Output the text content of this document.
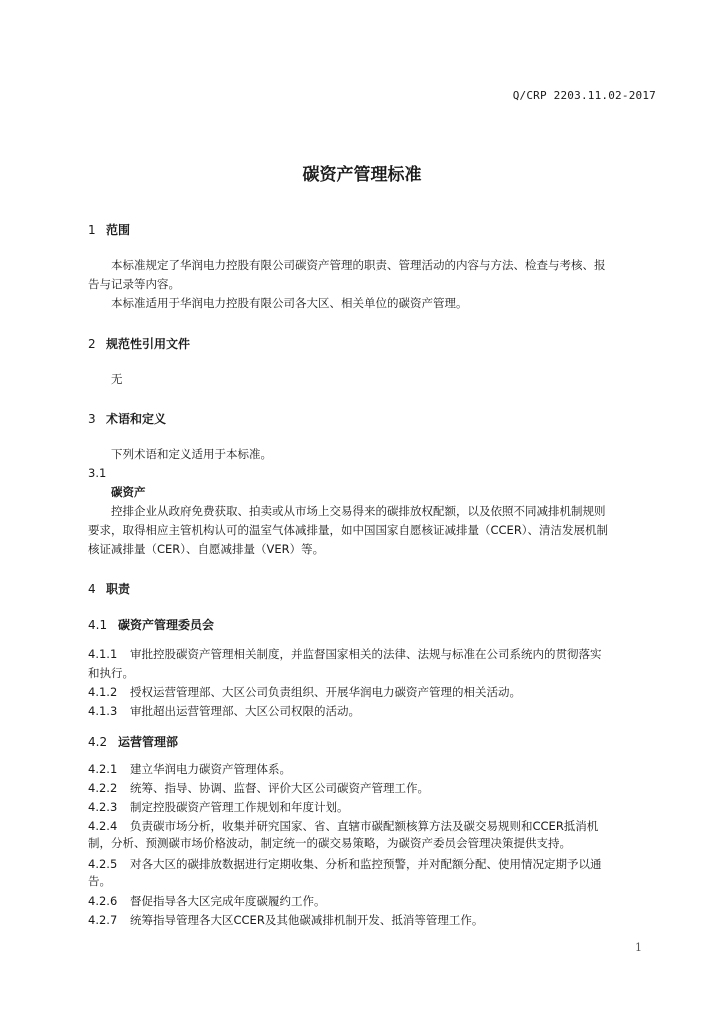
Q/CRP 2203.11.02-2017
碳资产管理标准
1 范围
本标准规定了华润电力控股有限公司碳资产管理的职责、管理活动的内容与方法、检查与考核、报
告与记录等内容。
本标准适用于华润电力控股有限公司各大区、相关单位的碳资产管理。
2 规范性引用文件
无
3 术语和定义
下列术语和定义适用于本标准。
3.1
碳资产
控排企业从政府免费获取、拍卖或从市场上交易得来的碳排放权配额，以及依照不同减排机制规则
要求，取得相应主管机构认可的温室气体减排量，如中国国家自愿核证减排量（CCER）、清洁发展机制
核证减排量（CER）、自愿减排量（VER）等。
4 职责
4.1 碳资产管理委员会
4.1.1 审批控股碳资产管理相关制度，并监督国家相关的法律、法规与标准在公司系统内的贯彻落实
和执行。
4.1.2 授权运营管理部、大区公司负责组织、开展华润电力碳资产管理的相关活动。
4.1.3 审批超出运营管理部、大区公司权限的活动。
4.2 运营管理部
4.2.1 建立华润电力碳资产管理体系。
4.2.2 统筹、指导、协调、监督、评价大区公司碳资产管理工作。
4.2.3 制定控股碳资产管理工作规划和年度计划。
4.2.4 负责碳市场分析，收集并研究国家、省、直辖市碳配额核算方法及碳交易规则和CCER抵消机
制，分析、预测碳市场价格波动，制定统一的碳交易策略，为碳资产委员会管理决策提供支持。
4.2.5 对各大区的碳排放数据进行定期收集、分析和监控预警，并对配额分配、使用情况定期予以通
告。
4.2.6 督促指导各大区完成年度碳履约工作。
4.2.7 统筹指导管理各大区CCER及其他碳减排机制开发、抵消等管理工作。
1
